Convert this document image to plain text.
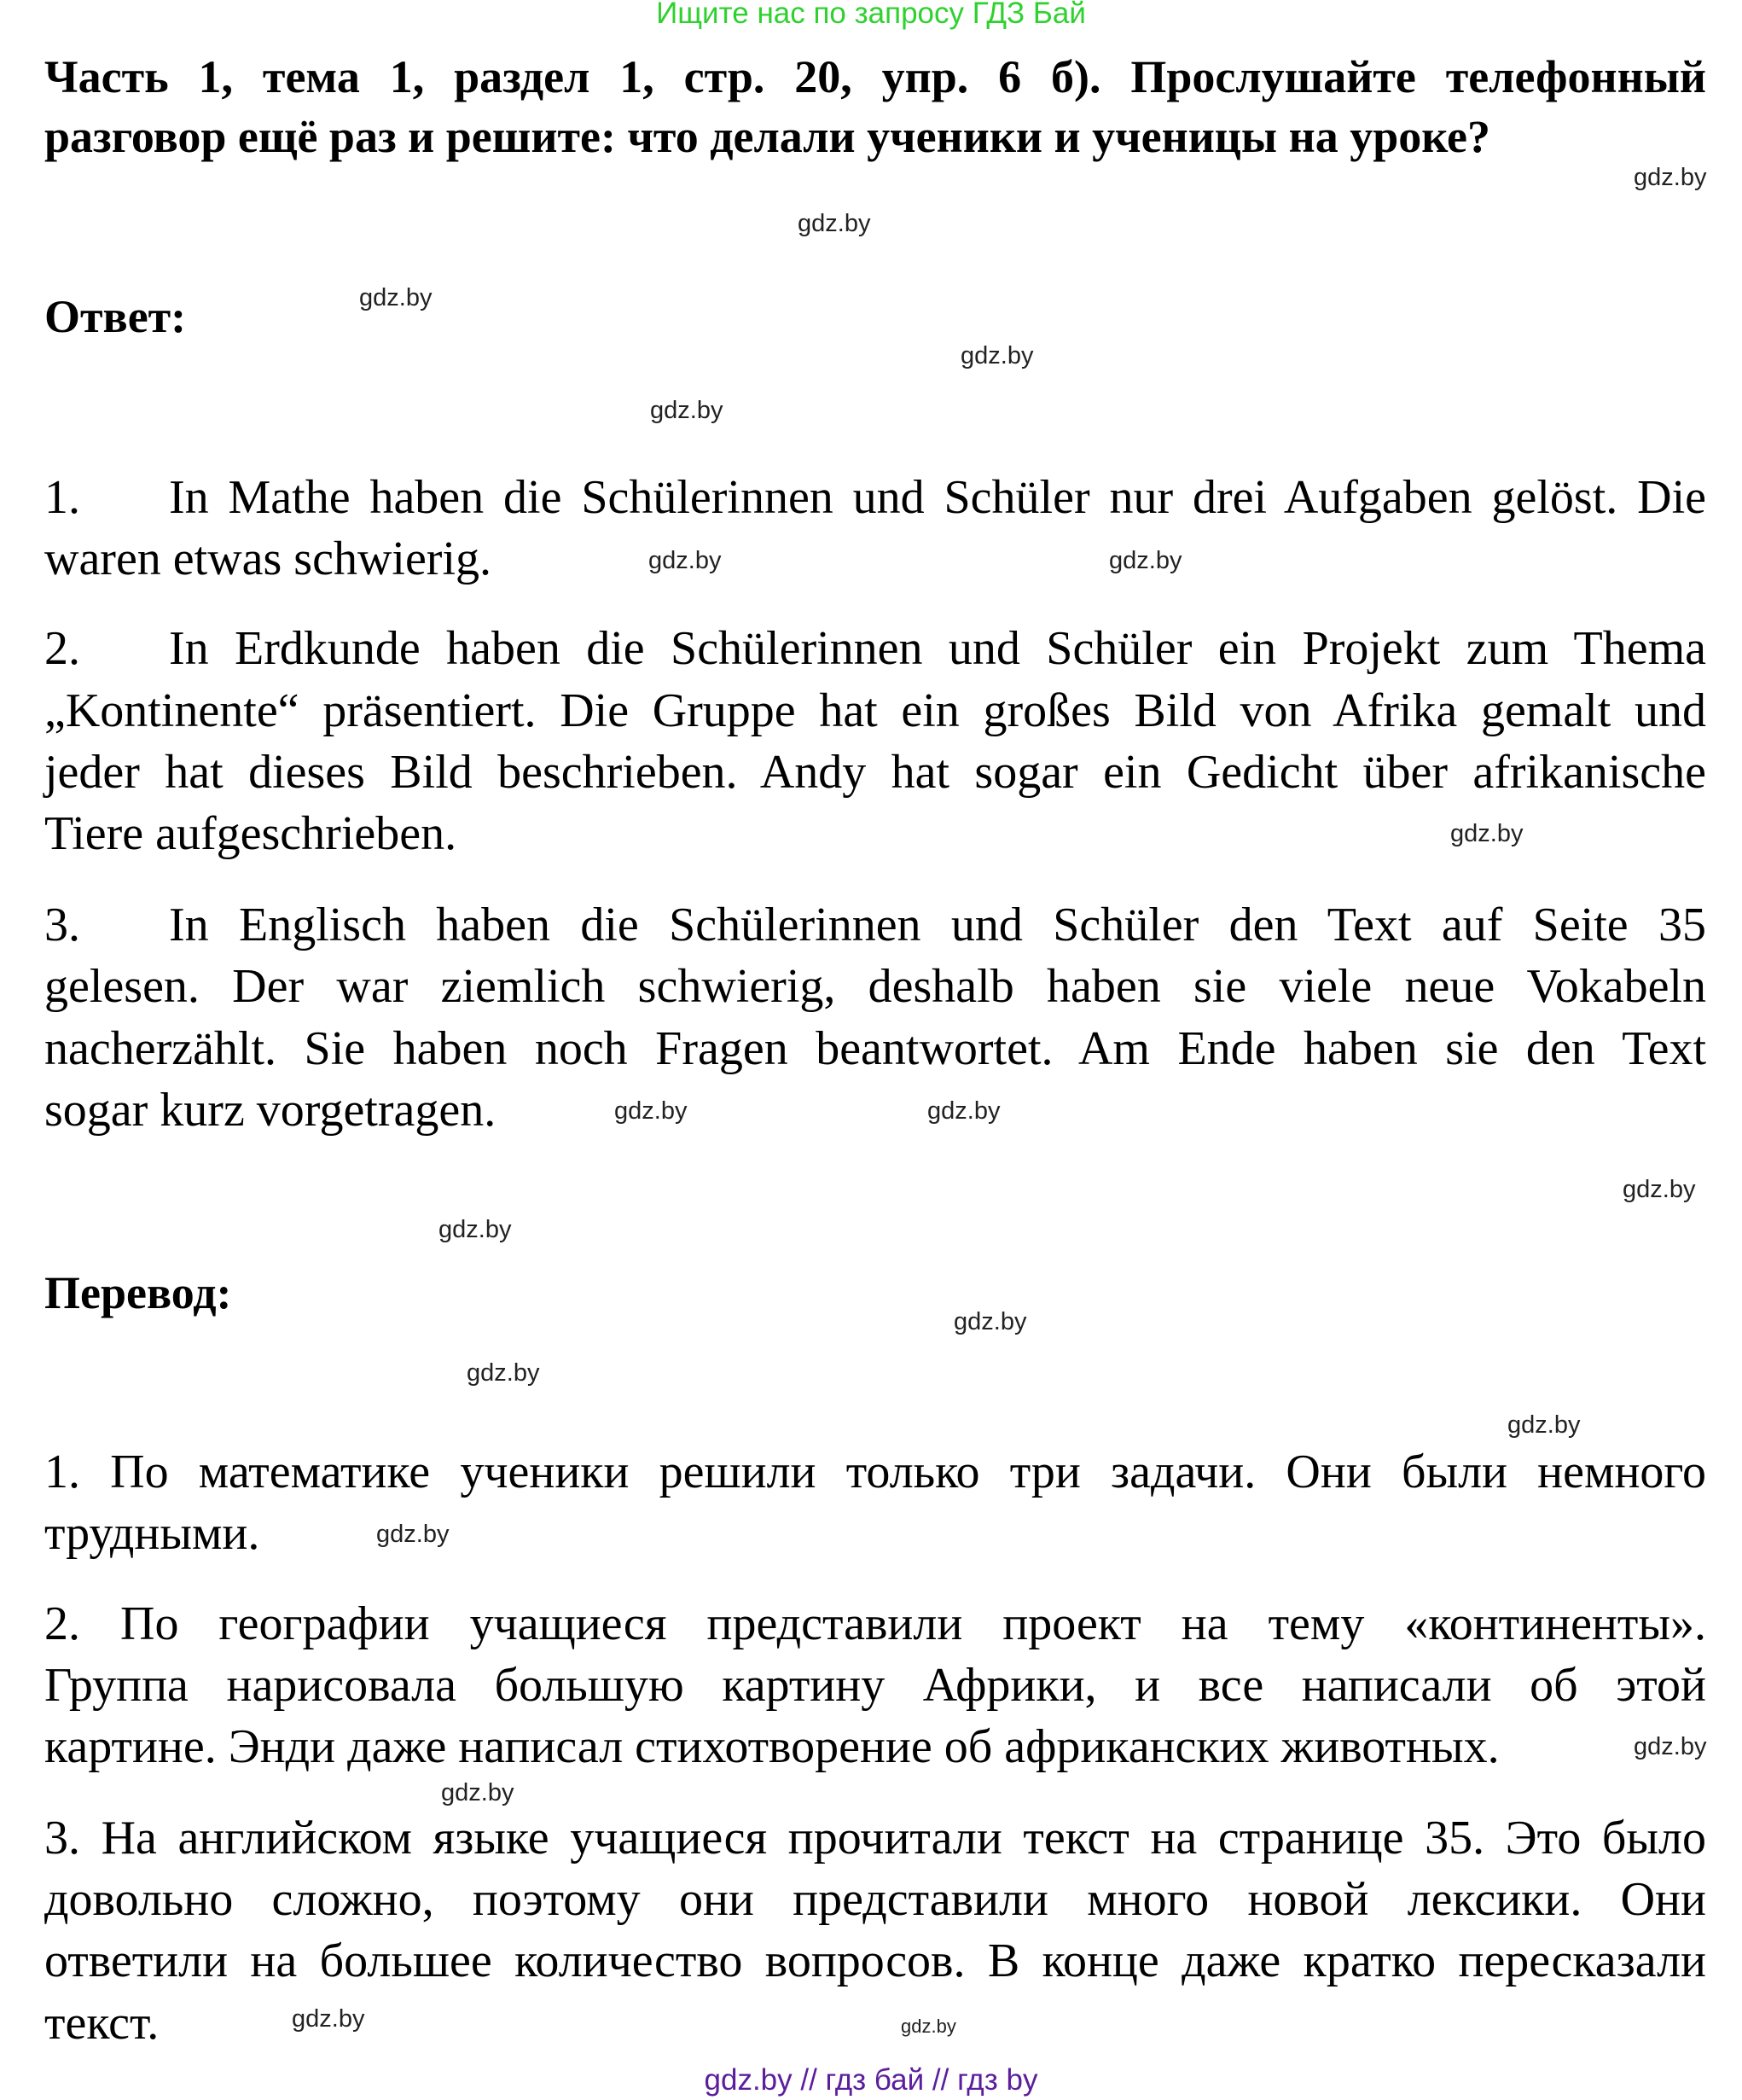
Ищите нас по запросу ГДЗ Бай
Часть 1, тема 1, раздел 1, стр. 20, упр. 6 б). Прослушайте телефонный
разговор ещё раз и решите: что делали ученики и ученицы на уроке?
Ответ:
Перевод:
1. In Mathe haben die Schülerinnen und Schüler nur drei Aufgaben gelöst. Die
waren etwas schwierig.
2. In Erdkunde haben die Schülerinnen und Schüler ein Projekt zum Thema
„Kontinente“ präsentiert. Die Gruppe hat ein großes Bild von Afrika gemalt und
jeder hat dieses Bild beschrieben. Andy hat sogar ein Gedicht über afrikanische
Tiere aufgeschrieben.
3. In Englisch haben die Schülerinnen und Schüler den Text auf Seite 35
gelesen. Der war ziemlich schwierig, deshalb haben sie viele neue Vokabeln
nacherzählt. Sie haben noch Fragen beantwortet. Am Ende haben sie den Text
sogar kurz vorgetragen.
1. По математике ученики решили только три задачи. Они были немного
трудными.
2. По географии учащиеся представили проект на тему «континенты».
Группа нарисовала большую картину Африки, и все написали об этой
картине. Энди даже написал стихотворение об африканских животных.
3. На английском языке учащиеся прочитали текст на странице 35. Это было
довольно сложно, поэтому они представили много новой лексики. Они
ответили на большее количество вопросов. В конце даже кратко пересказали
текст.
gdz.by
gdz.by
gdz.by
gdz.by
gdz.by
gdz.by
gdz.by
gdz.by
gdz.by
gdz.by
gdz.by
gdz.by
gdz.by
gdz.by
gdz.by
gdz.by
gdz.by
gdz.by
gdz.by
gdz.by
gdz.by // гдз бай // гдз by
